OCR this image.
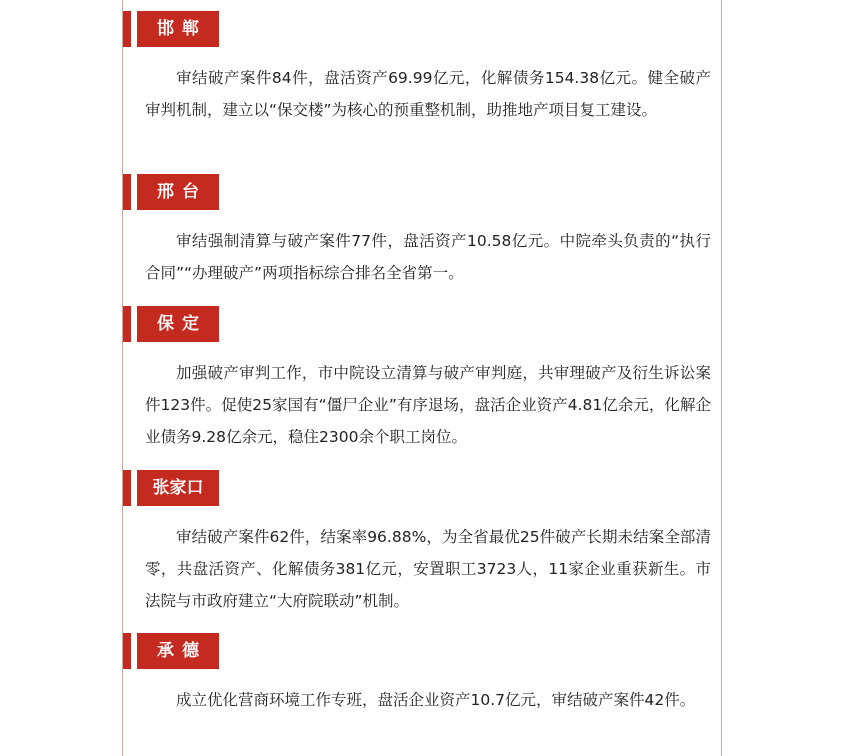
邯郸

审结破产案件84件，盘活资产69.99亿元，化解债务154.38亿元。健全破产审判机制，建立以“保交楼”为核心的预重整机制，助推地产项目复工建设。

邢台

审结强制清算与破产案件77件，盘活资产10.58亿元。中院牵头负责的“执行合同”“办理破产”两项指标综合排名全省第一。

保定

加强破产审判工作，市中院设立清算与破产审判庭，共审理破产及衍生诉讼案件123件。促使25家国有“僵尸企业”有序退场，盘活企业资产4.81亿余元，化解企业债务9.28亿余元，稳住2300余个职工岗位。

张家口

审结破产案件62件，结案率96.88%，为全省最优25件破产长期未结案全部清零，共盘活资产、化解债务381亿元，安置职工3723人，11家企业重获新生。市法院与市政府建立“大府院联动”机制。

承德

成立优化营商环境工作专班，盘活企业资产10.7亿元，审结破产案件42件。
